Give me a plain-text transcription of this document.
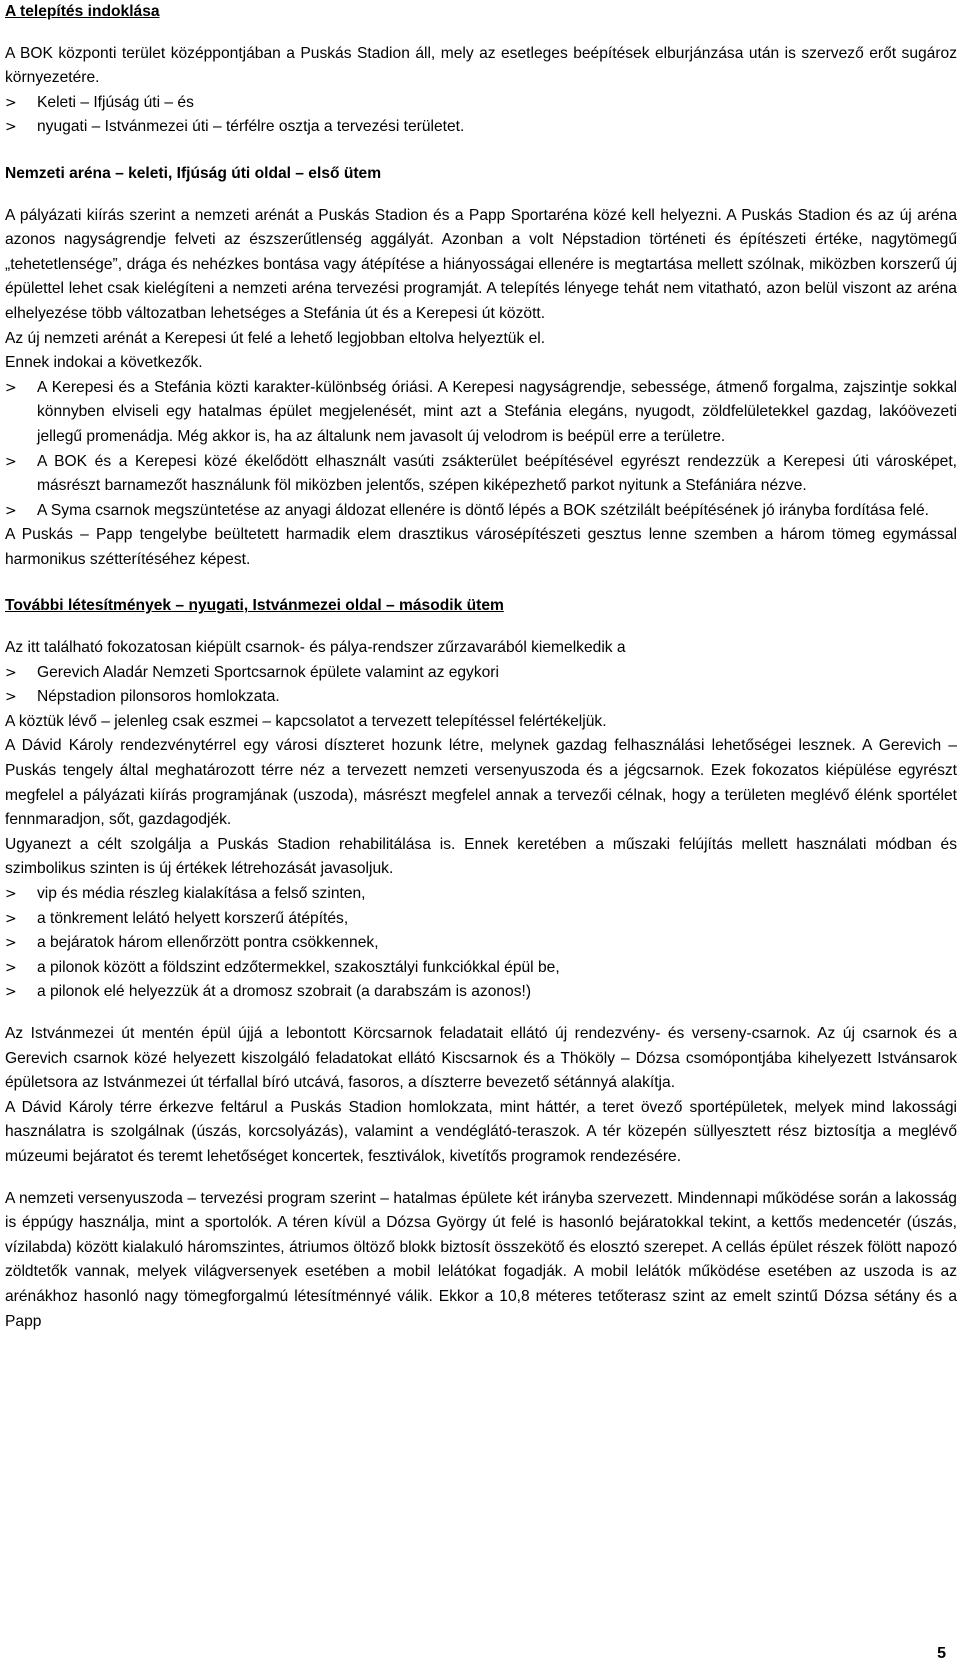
A telepítés indoklása

A BOK központi terület középpontjában a Puskás Stadion áll, mely az esetleges beépítések elburjánzása után is szervező erőt sugároz környezetére.

>	Keleti – Ifjúság úti – és
>	nyugati – Istvánmezei úti – térfélre osztja a tervezési területet.

Nemzeti aréna – keleti, Ifjúság úti oldal – első ütem

A pályázati kiírás szerint a nemzeti arénát a Puskás Stadion és a Papp Sportaréna közé kell helyezni. A Puskás Stadion és az új aréna azonos nagyságrendje felveti az észszerűtlenség aggályát. Azonban a volt Népstadion történeti és építészeti értéke, nagytömegű „tehetetlensége”, drága és nehézkes bontása vagy átépítése a hiányosságai ellenére is megtartása mellett szólnak, miközben korszerű új épülettel lehet csak kielégíteni a nemzeti aréna tervezési programját. A telepítés lényege tehát nem vitatható, azon belül viszont az aréna elhelyezése több változatban lehetséges a Stefánia út és a Kerepesi út között.

Az új nemzeti arénát a Kerepesi út felé a lehető legjobban eltolva helyeztük el.

Ennek indokai a következők.

>	A Kerepesi és a Stefánia közti karakter-különbség óriási. A Kerepesi nagyságrendje, sebessége, átmenő forgalma, zajszintje sokkal könnyben elviseli egy hatalmas épület megjelenését, mint azt a Stefánia elegáns, nyugodt, zöldfelületekkel gazdag, lakóövezeti jellegű promenádja. Még akkor is, ha az általunk nem javasolt új velodrom is beépül erre a területre.
>	A BOK és a Kerepesi közé ékelődött elhasznált vasúti zsákterület beépítésével egyrészt rendezzük a Kerepesi úti városképet, másrészt barnamezőt használunk föl miközben jelentős, szépen kiképezhető parkot nyitunk a Stefániára nézve.
>	A Syma csarnok megszüntetése az anyagi áldozat ellenére is döntő lépés a BOK szétzilált beépítésének jó irányba fordítása felé.

A Puskás – Papp tengelybe beültetett harmadik elem drasztikus városépítészeti gesztus lenne szemben a három tömeg egymással harmonikus szétterítéséhez képest.

További létesítmények – nyugati, Istvánmezei oldal – második ütem

Az itt található fokozatosan kiépült csarnok- és pálya-rendszer zűrzavarából kiemelkedik a

>	Gerevich Aladár Nemzeti Sportcsarnok épülete valamint az egykori
>	Népstadion pilonsoros homlokzata.

A köztük lévő – jelenleg csak eszmei – kapcsolatot a tervezett telepítéssel felértékeljük.

A Dávid Károly rendezvénytérrel egy városi díszteret hozunk létre, melynek gazdag felhasználási lehetőségei lesznek. A Gerevich – Puskás tengely által meghatározott térre néz a tervezett nemzeti versenyuszoda és a jégcsarnok. Ezek fokozatos kiépülése egyrészt megfelel a pályázati kiírás programjának (uszoda), másrészt megfelel annak a tervezői célnak, hogy a területen meglévő élénk sportélet fennmaradjon, sőt, gazdagodjék.

Ugyanezt a célt szolgálja a Puskás Stadion rehabilitálása is. Ennek keretében a műszaki felújítás mellett használati módban és szimbolikus szinten is új értékek létrehozását javasoljuk.

>	vip és média részleg kialakítása a felső szinten,
>	a tönkrement lelátó helyett korszerű átépítés,
>	a bejáratok három ellenőrzött pontra csökkennek,
>	a pilonok között a földszint edzőtermekkel, szakosztályi funkciókkal épül be,
>	a pilonok elé helyezzük át a dromosz szobrait (a darabszám is azonos!)

Az Istvánmezei út mentén épül újjá a lebontott Körcsarnok feladatait ellátó új rendezvény- és verseny-csarnok. Az új csarnok és a Gerevich csarnok közé helyezett kiszolgáló feladatokat ellátó Kiscsarnok és a Thököly – Dózsa csomópontjába kihelyezett Istvánsarok épületsora az Istvánmezei út térfallal bíró utcává, fasoros, a díszterre bevezető sétánnyá alakítja.

A Dávid Károly térre érkezve feltárul a Puskás Stadion homlokzata, mint háttér, a teret övező sportépületek, melyek mind lakossági használatra is szolgálnak (úszás, korcsolyázás), valamint a vendéglátó-teraszok. A tér közepén süllyesztett rész biztosítja a meglévő múzeumi bejáratot és teremt lehetőséget koncertek, fesztiválok, kivetítős programok rendezésére.

A nemzeti versenyuszoda – tervezési program szerint – hatalmas épülete két irányba szervezett. Mindennapi működése során a lakosság is éppúgy használja, mint a sportolók. A téren kívül a Dózsa György út felé is hasonló bejáratokkal tekint, a kettős medencetér (úszás, vízilabda) között kialakuló háromszintes, átriumos öltöző blokk biztosít összekötő és elosztó szerepet. A cellás épület részek fölött napozó zöldtetők vannak, melyek világversenyek esetében a mobil lelátókat fogadják. A mobil lelátók működése esetében az uszoda is az arénákhoz hasonló nagy tömegforgalmú létesítménnyé válik. Ekkor a 10,8 méteres tetőterasz szint az emelt szintű Dózsa sétány és a Papp

5
